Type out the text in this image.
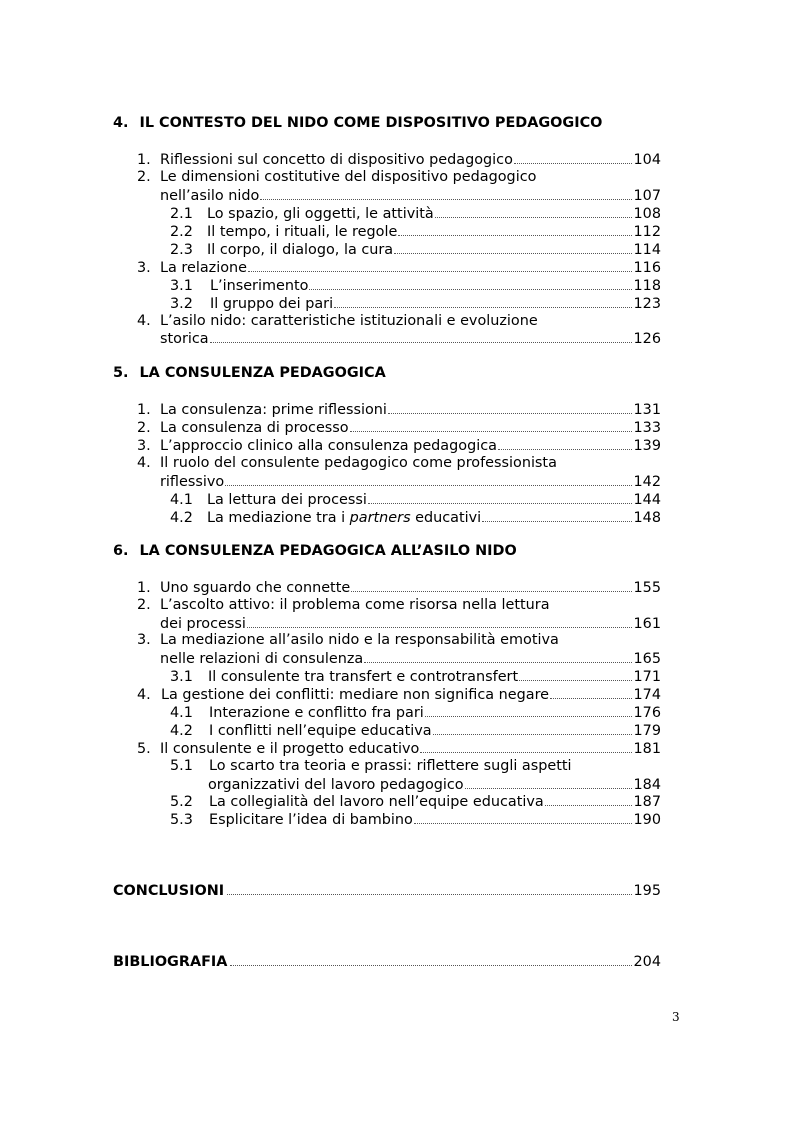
4. IL CONTESTO DEL NIDO COME DISPOSITIVO PEDAGOGICO
1. Riflessioni sul concetto di dispositivo pedagogico	104
2. Le dimensioni costitutive del dispositivo pedagogico
nell’asilo nido	107
2.1 Lo spazio, gli oggetti, le attività	108
2.2 Il tempo, i rituali, le regole	112
2.3 Il corpo, il dialogo, la cura	114
3. La relazione	116
3.1	L’inserimento	118
3.2	Il gruppo dei pari	123
4. L’asilo nido: caratteristiche istituzionali e evoluzione
storica	126
5. LA CONSULENZA PEDAGOGICA
1. La consulenza: prime riflessioni	131
2. La consulenza di processo	133
3. L’approccio clinico alla consulenza pedagogica	139
4. Il ruolo del consulente pedagogico come professionista
riflessivo	142
4.1 La lettura dei processi	144
4.2 La mediazione tra i partners educativi	148
6. LA CONSULENZA PEDAGOGICA ALL’ASILO NIDO
1. Uno sguardo che connette	155
2. L’ascolto attivo: il problema come risorsa nella lettura
dei processi	161
3. La mediazione all’asilo nido e la responsabilità emotiva
nelle relazioni di consulenza	165
3.1	Il consulente tra transfert e controtransfert	171
4. La gestione dei conflitti: mediare non significa negare	174
4.1	Interazione e conflitto fra pari	176
4.2	I conflitti nell’equipe educativa	179
5. Il consulente e il progetto educativo	181
5.1 Lo scarto tra teoria e prassi: riflettere sugli aspetti
organizzativi del lavoro pedagogico	184
5.2	La collegialità del lavoro nell’equipe educativa	187
5.3	Esplicitare l’idea di bambino	190
CONCLUSIONI	195
BIBLIOGRAFIA	204
3
